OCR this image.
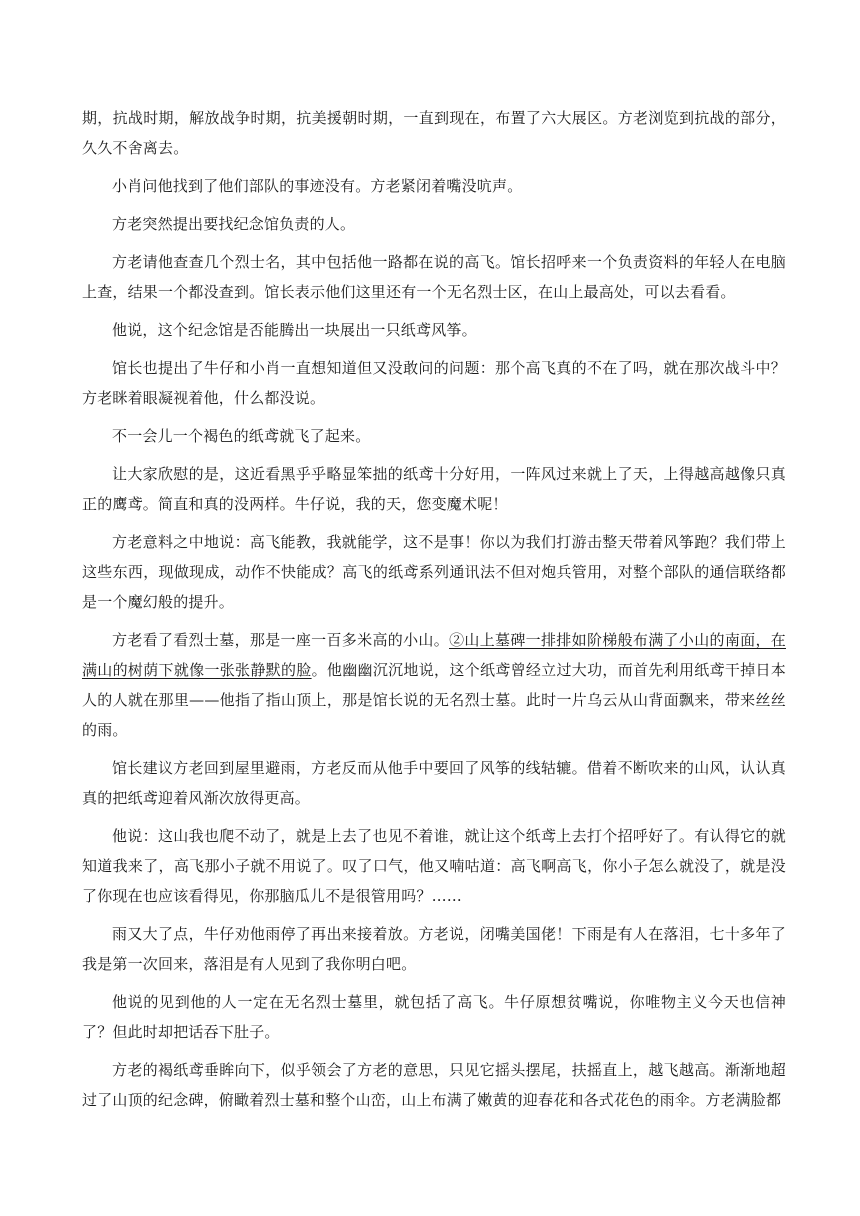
期，抗战时期，解放战争时期，抗美援朝时期，一直到现在，布置了六大展区。方老浏览到抗战的部分，久久不舍离去。

小肖问他找到了他们部队的事迹没有。方老紧闭着嘴没吭声。

方老突然提出要找纪念馆负责的人。

方老请他查查几个烈士名，其中包括他一路都在说的高飞。馆长招呼来一个负责资料的年轻人在电脑上查，结果一个都没查到。馆长表示他们这里还有一个无名烈士区，在山上最高处，可以去看看。

他说，这个纪念馆是否能腾出一块展出一只纸鸢风筝。

馆长也提出了牛仔和小肖一直想知道但又没敢问的问题：那个高飞真的不在了吗，就在那次战斗中？方老眯着眼凝视着他，什么都没说。

不一会儿一个褐色的纸鸢就飞了起来。

让大家欣慰的是，这近看黑乎乎略显笨拙的纸鸢十分好用，一阵风过来就上了天，上得越高越像只真正的鹰鸢。简直和真的没两样。牛仔说，我的天，您变魔术呢！

方老意料之中地说：高飞能教，我就能学，这不是事！你以为我们打游击整天带着风筝跑？我们带上这些东西，现做现成，动作不快能成？高飞的纸鸢系列通讯法不但对炮兵管用，对整个部队的通信联络都是一个魔幻般的提升。

方老看了看烈士墓，那是一座一百多米高的小山。②山上墓碑一排排如阶梯般布满了小山的南面，在满山的树荫下就像一张张静默的脸。他幽幽沉沉地说，这个纸鸢曾经立过大功，而首先利用纸鸢干掉日本人的人就在那里——他指了指山顶上，那是馆长说的无名烈士墓。此时一片乌云从山背面飘来，带来丝丝的雨。

馆长建议方老回到屋里避雨，方老反而从他手中要回了风筝的线轱辘。借着不断吹来的山风，认认真真的把纸鸢迎着风渐次放得更高。

他说：这山我也爬不动了，就是上去了也见不着谁，就让这个纸鸢上去打个招呼好了。有认得它的就知道我来了，高飞那小子就不用说了。叹了口气，他又喃咕道：高飞啊高飞，你小子怎么就没了，就是没了你现在也应该看得见，你那脑瓜儿不是很管用吗？……

雨又大了点，牛仔劝他雨停了再出来接着放。方老说，闭嘴美国佬！下雨是有人在落泪，七十多年了我是第一次回来，落泪是有人见到了我你明白吧。

他说的见到他的人一定在无名烈士墓里，就包括了高飞。牛仔原想贫嘴说，你唯物主义今天也信神了？但此时却把话吞下肚子。

方老的褐纸鸢垂眸向下，似乎领会了方老的意思，只见它摇头摆尾，扶摇直上，越飞越高。渐渐地超过了山顶的纪念碑，俯瞰着烈士墓和整个山峦，山上布满了嫩黄的迎春花和各式花色的雨伞。方老满脸都
